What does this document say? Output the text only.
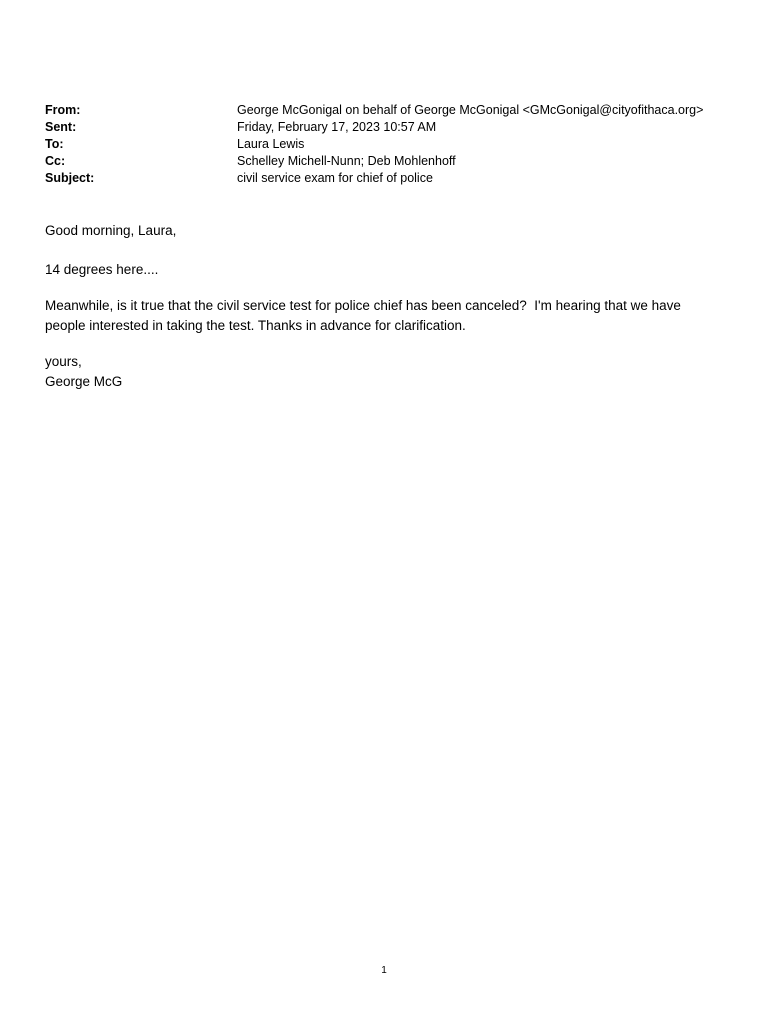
From:	George McGonigal on behalf of George McGonigal <GMcGonigal@cityofithaca.org>
Sent:	Friday, February 17, 2023 10:57 AM
To:	Laura Lewis
Cc:	Schelley Michell-Nunn; Deb Mohlenhoff
Subject:	civil service exam for chief of police

Good morning, Laura,

14 degrees here....

Meanwhile, is it true that the civil service test for police chief has been canceled?  I'm hearing that we have

people interested in taking the test. Thanks in advance for clarification.

yours,

George McG

1
